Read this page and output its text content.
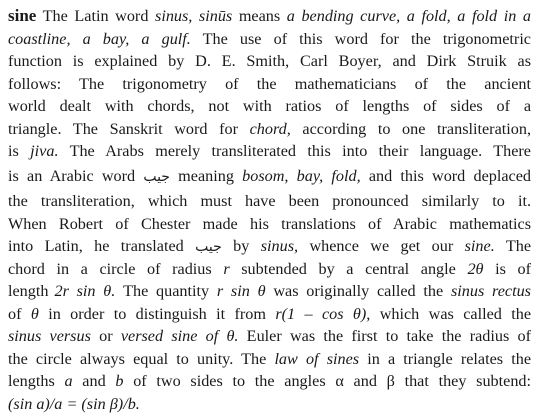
sine The Latin word sinus, sinūs means a bending curve, a fold, a fold in a
coastline, a bay, a gulf. The use of this word for the trigonometric
function is explained by D. E. Smith, Carl Boyer, and Dirk Struik as
follows: The trigonometry of the mathematicians of the ancient
world dealt with chords, not with ratios of lengths of sides of a
triangle. The Sanskrit word for chord, according to one transliteration,
is jiva. The Arabs merely transliterated this into their language. There
is an Arabic word جيب meaning bosom, bay, fold, and this word deplaced
the transliteration, which must have been pronounced similarly to it.
When Robert of Chester made his translations of Arabic mathematics
into Latin, he translated جيب by sinus, whence we get our sine. The
chord in a circle of radius r subtended by a central angle 2θ is of
length 2r sin θ. The quantity r sin θ was originally called the sinus rectus
of θ in order to distinguish it from r(1 – cos θ), which was called the
sinus versus or versed sine of θ. Euler was the first to take the radius of
the circle always equal to unity. The law of sines in a triangle relates the
lengths a and b of two sides to the angles α and β that they subtend:
(sin a)/a = (sin β)/b.
